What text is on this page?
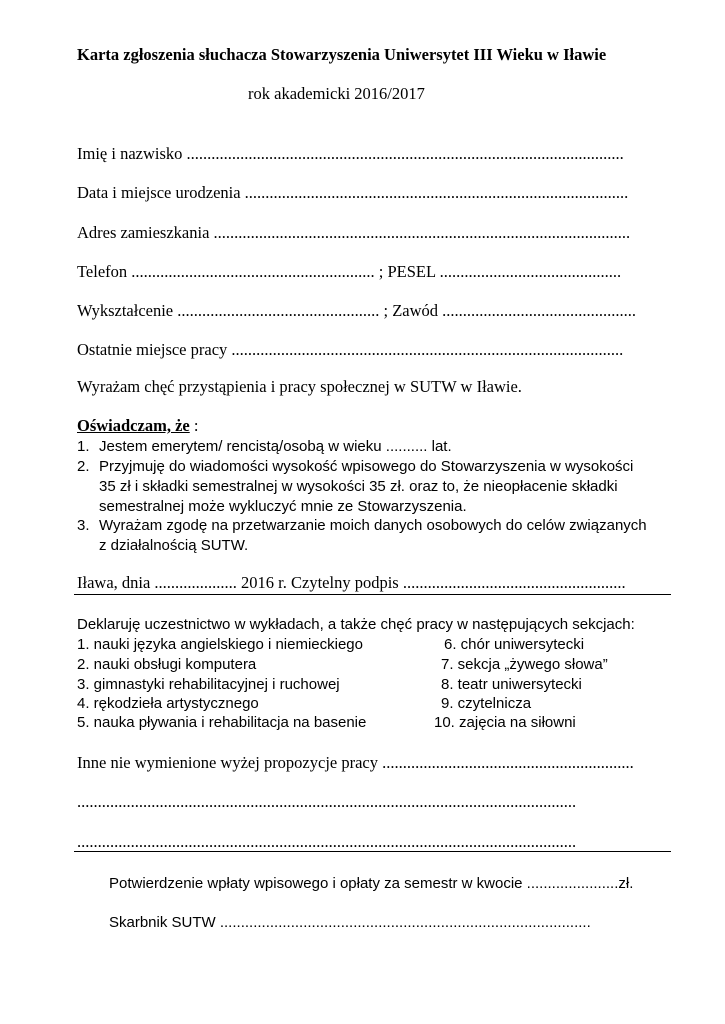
Karta zgłoszenia słuchacza Stowarzyszenia Uniwersytet III Wieku w Iławie

rok akademicki 2016/2017

Imię i nazwisko ..........................................................................................................

Data i miejsce urodzenia .............................................................................................

Adres zamieszkania .....................................................................................................

Telefon ........................................................... ; PESEL ............................................

Wykształcenie ................................................. ; Zawód ...............................................

Ostatnie miejsce pracy ...............................................................................................

Wyrażam chęć przystąpienia i pracy społecznej w SUTW w Iławie.

Oświadczam, że :

1. Jestem emerytem/ rencistą/osobą w wieku .......... lat.

2. Przyjmuję do wiadomości wysokość wpisowego do Stowarzyszenia w wysokości

35 zł i składki semestralnej w wysokości 35 zł. oraz to, że nieopłacenie składki

semestralnej może wykluczyć mnie ze Stowarzyszenia.

3. Wyrażam zgodę na przetwarzanie moich danych osobowych do celów związanych

z działalnością SUTW.

Iława, dnia .................... 2016 r. Czytelny podpis ......................................................

Deklaruję uczestnictwo w wykładach, a także chęć pracy w następujących sekcjach:

1. nauki języka angielskiego i niemieckiego

2. nauki obsługi komputera

3. gimnastyki rehabilitacyjnej i ruchowej

4. rękodzieła artystycznego

5. nauka pływania i rehabilitacja na basenie

6. chór uniwersytecki

7. sekcja „żywego słowa”

8. teatr uniwersytecki

9. czytelnicza

10. zajęcia na siłowni

Inne nie wymienione wyżej propozycje pracy .............................................................

.........................................................................................................................

.........................................................................................................................

Potwierdzenie wpłaty wpisowego i opłaty za semestr w kwocie ......................zł.

Skarbnik SUTW .........................................................................................
